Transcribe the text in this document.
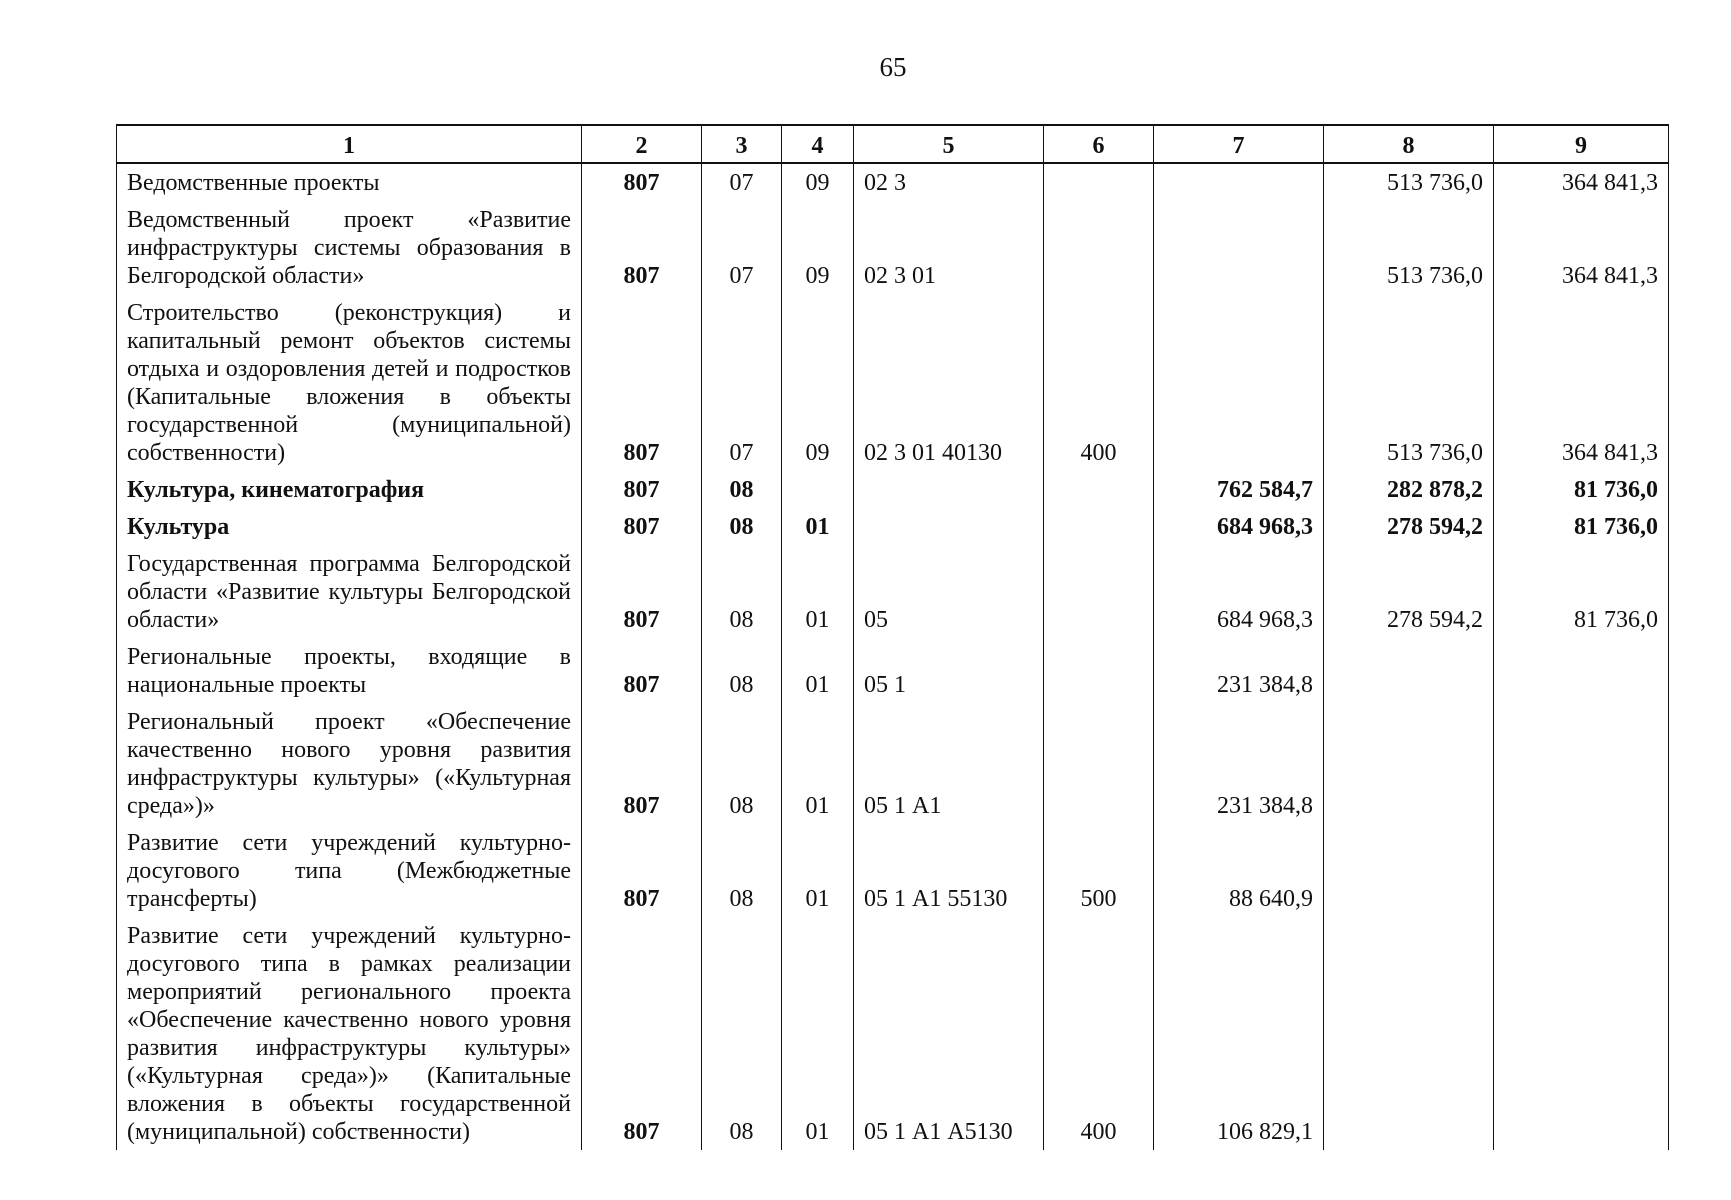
65
1	2	3	4	5	6	7	8	9
Ведомственные проекты	807	07	09	02 3			513 736,0	364 841,3
Ведомственный проект «Развитие инфраструктуры системы образования в Белгородской области»	807	07	09	02 3 01			513 736,0	364 841,3
Строительство (реконструкция) и капитальный ремонт объектов системы отдыха и оздоровления детей и подростков (Капитальные вложения в объекты государственной (муниципальной) собственности)	807	07	09	02 3 01 40130	400		513 736,0	364 841,3
Культура, кинематография	807	08				762 584,7	282 878,2	81 736,0
Культура	807	08	01			684 968,3	278 594,2	81 736,0
Государственная программа Белгородской области «Развитие культуры Белгородской области»	807	08	01	05		684 968,3	278 594,2	81 736,0
Региональные проекты, входящие в национальные проекты	807	08	01	05 1		231 384,8		
Региональный проект «Обеспечение качественно нового уровня развития инфраструктуры культуры» («Культурная среда»)»	807	08	01	05 1 А1		231 384,8		
Развитие сети учреждений культурно-досугового типа (Межбюджетные трансферты)	807	08	01	05 1 А1 55130	500	88 640,9		
Развитие сети учреждений культурно-досугового типа в рамках реализации мероприятий регионального проекта «Обеспечение качественно нового уровня развития инфраструктуры культуры» («Культурная среда»)» (Капитальные вложения в объекты государственной (муниципальной) собственности)	807	08	01	05 1 А1 А5130	400	106 829,1		
